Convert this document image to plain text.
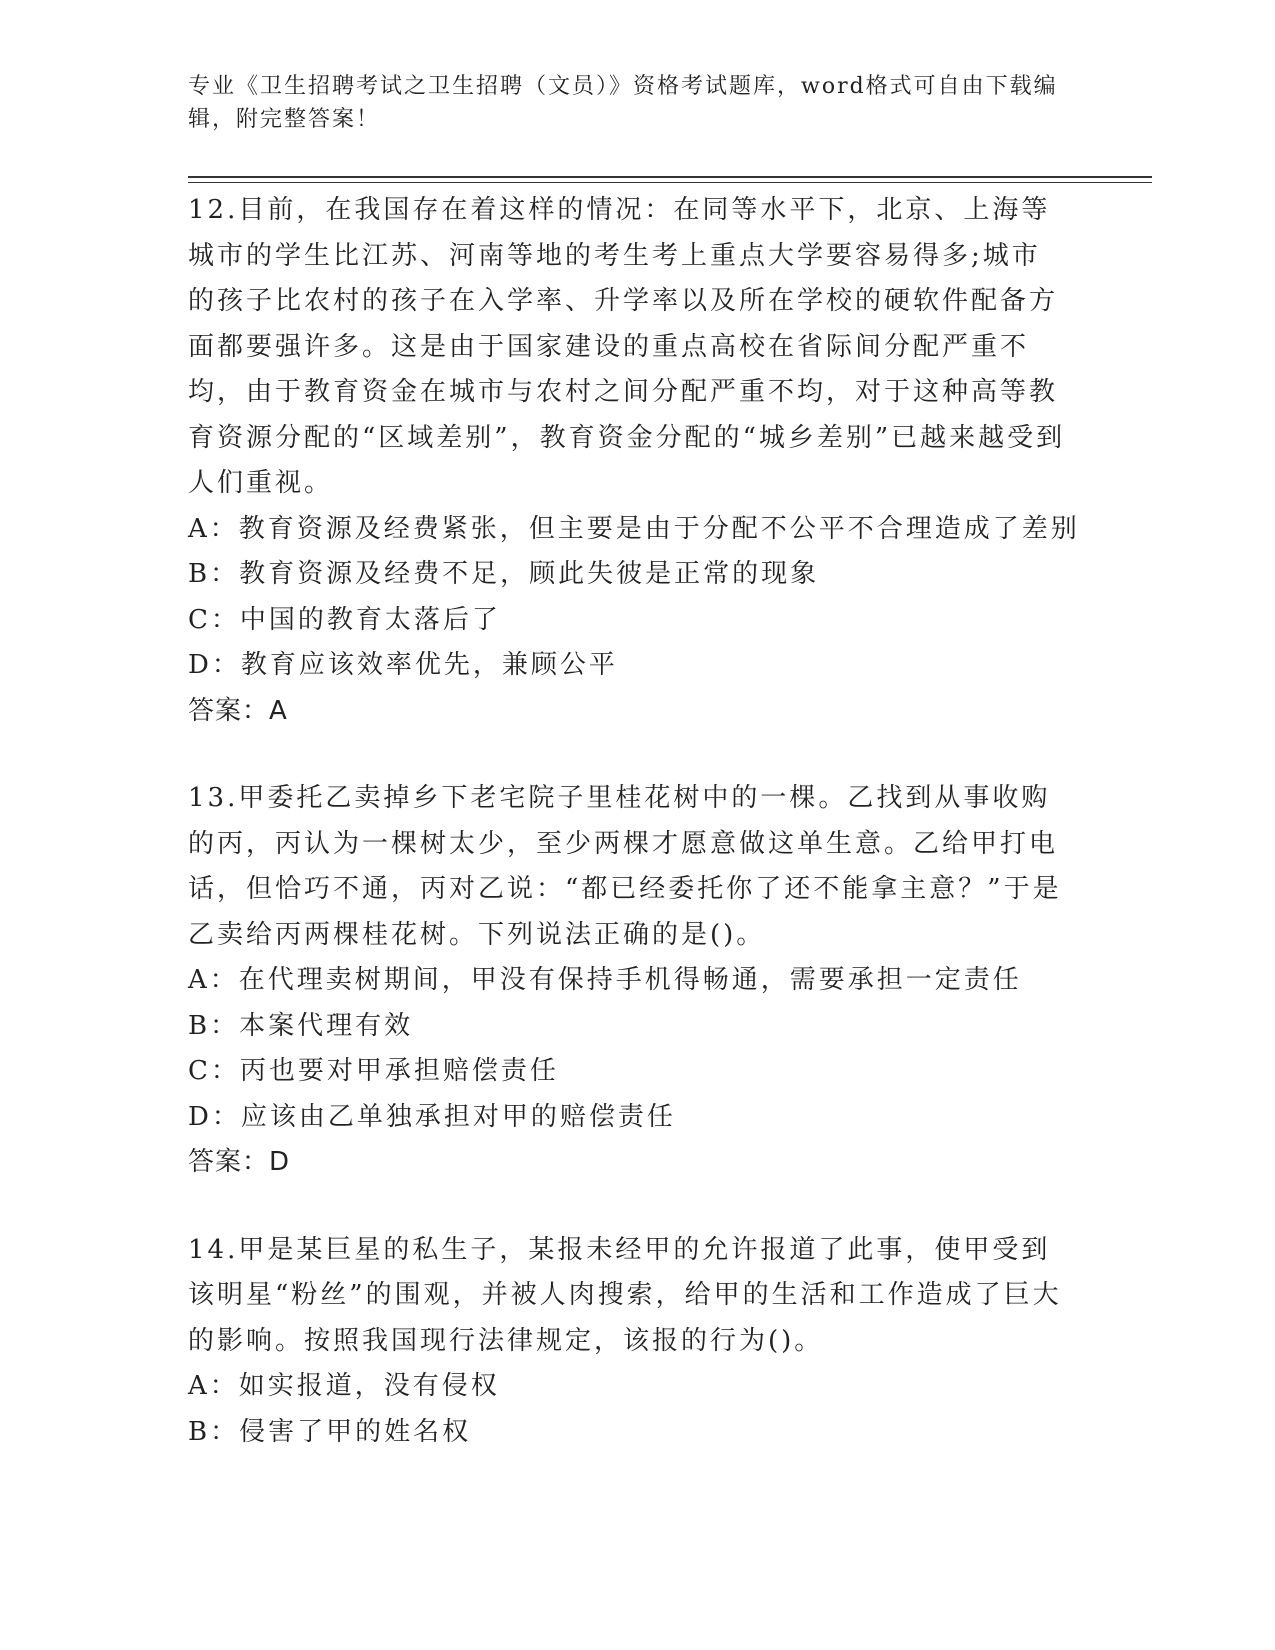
专业《卫生招聘考试之卫生招聘（文员）》资格考试题库，word格式可自由下载编辑，附完整答案！

12.目前，在我国存在着这样的情况：在同等水平下，北京、上海等城市的学生比江苏、河南等地的考生考上重点大学要容易得多;城市的孩子比农村的孩子在入学率、升学率以及所在学校的硬软件配备方面都要强许多。这是由于国家建设的重点高校在省际间分配严重不均，由于教育资金在城市与农村之间分配严重不均，对于这种高等教育资源分配的“区域差别”，教育资金分配的“城乡差别”已越来越受到人们重视。

A：教育资源及经费紧张，但主要是由于分配不公平不合理造成了差别

B：教育资源及经费不足，顾此失彼是正常的现象

C：中国的教育太落后了

D：教育应该效率优先，兼顾公平

答案：A

13.甲委托乙卖掉乡下老宅院子里桂花树中的一棵。乙找到从事收购的丙，丙认为一棵树太少，至少两棵才愿意做这单生意。乙给甲打电话，但恰巧不通，丙对乙说：“都已经委托你了还不能拿主意？”于是乙卖给丙两棵桂花树。下列说法正确的是()。

A：在代理卖树期间，甲没有保持手机得畅通，需要承担一定责任

B：本案代理有效

C：丙也要对甲承担赔偿责任

D：应该由乙单独承担对甲的赔偿责任

答案：D

14.甲是某巨星的私生子，某报未经甲的允许报道了此事，使甲受到该明星“粉丝”的围观，并被人肉搜索，给甲的生活和工作造成了巨大的影响。按照我国现行法律规定，该报的行为()。

A：如实报道，没有侵权

B：侵害了甲的姓名权
